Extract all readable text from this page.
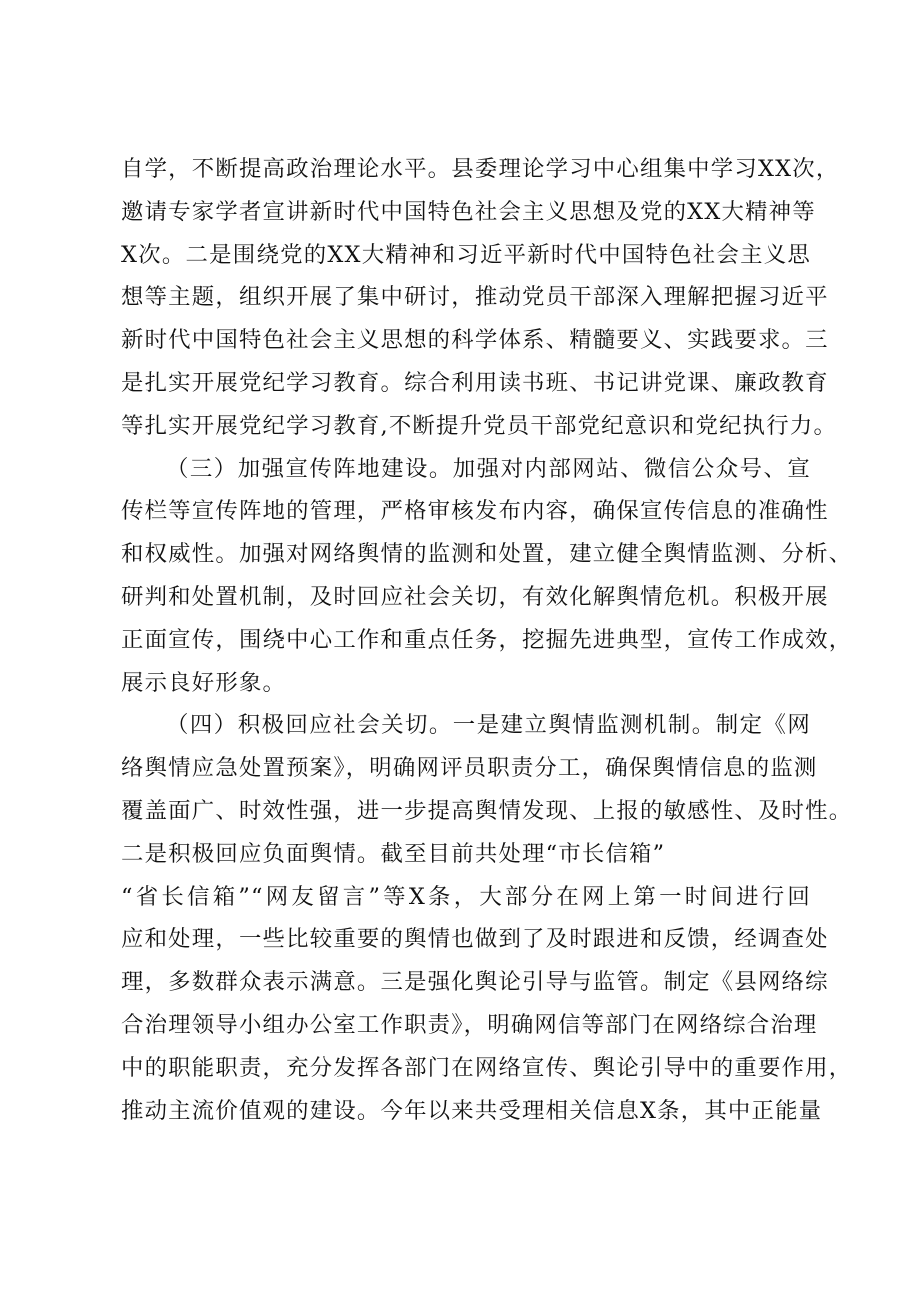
自学，不断提高政治理论水平。县委理论学习中心组集中学习XX次，
邀请专家学者宣讲新时代中国特色社会主义思想及党的XX大精神等
X次。二是围绕党的XX大精神和习近平新时代中国特色社会主义思
想等主题，组织开展了集中研讨，推动党员干部深入理解把握习近平
新时代中国特色社会主义思想的科学体系、精髓要义、实践要求。三
是扎实开展党纪学习教育。综合利用读书班、书记讲党课、廉政教育
等扎实开展党纪学习教育,不断提升党员干部党纪意识和党纪执行力。

（三）加强宣传阵地建设。加强对内部网站、微信公众号、宣
传栏等宣传阵地的管理，严格审核发布内容，确保宣传信息的准确性
和权威性。加强对网络舆情的监测和处置，建立健全舆情监测、分析、
研判和处置机制，及时回应社会关切，有效化解舆情危机。积极开展
正面宣传，围绕中心工作和重点任务，挖掘先进典型，宣传工作成效，
展示良好形象。

（四）积极回应社会关切。一是建立舆情监测机制。制定《网
络舆情应急处置预案》，明确网评员职责分工，确保舆情信息的监测
覆盖面广、时效性强，进一步提高舆情发现、上报的敏感性、及时性。
二是积极回应负面舆情。截至目前共处理“市长信箱”
“省长信箱”“网友留言”等X条，大部分在网上第一时间进行回
应和处理，一些比较重要的舆情也做到了及时跟进和反馈，经调查处
理，多数群众表示满意。三是强化舆论引导与监管。制定《县网络综
合治理领导小组办公室工作职责》，明确网信等部门在网络综合治理
中的职能职责，充分发挥各部门在网络宣传、舆论引导中的重要作用，
推动主流价值观的建设。今年以来共受理相关信息X条，其中正能量
